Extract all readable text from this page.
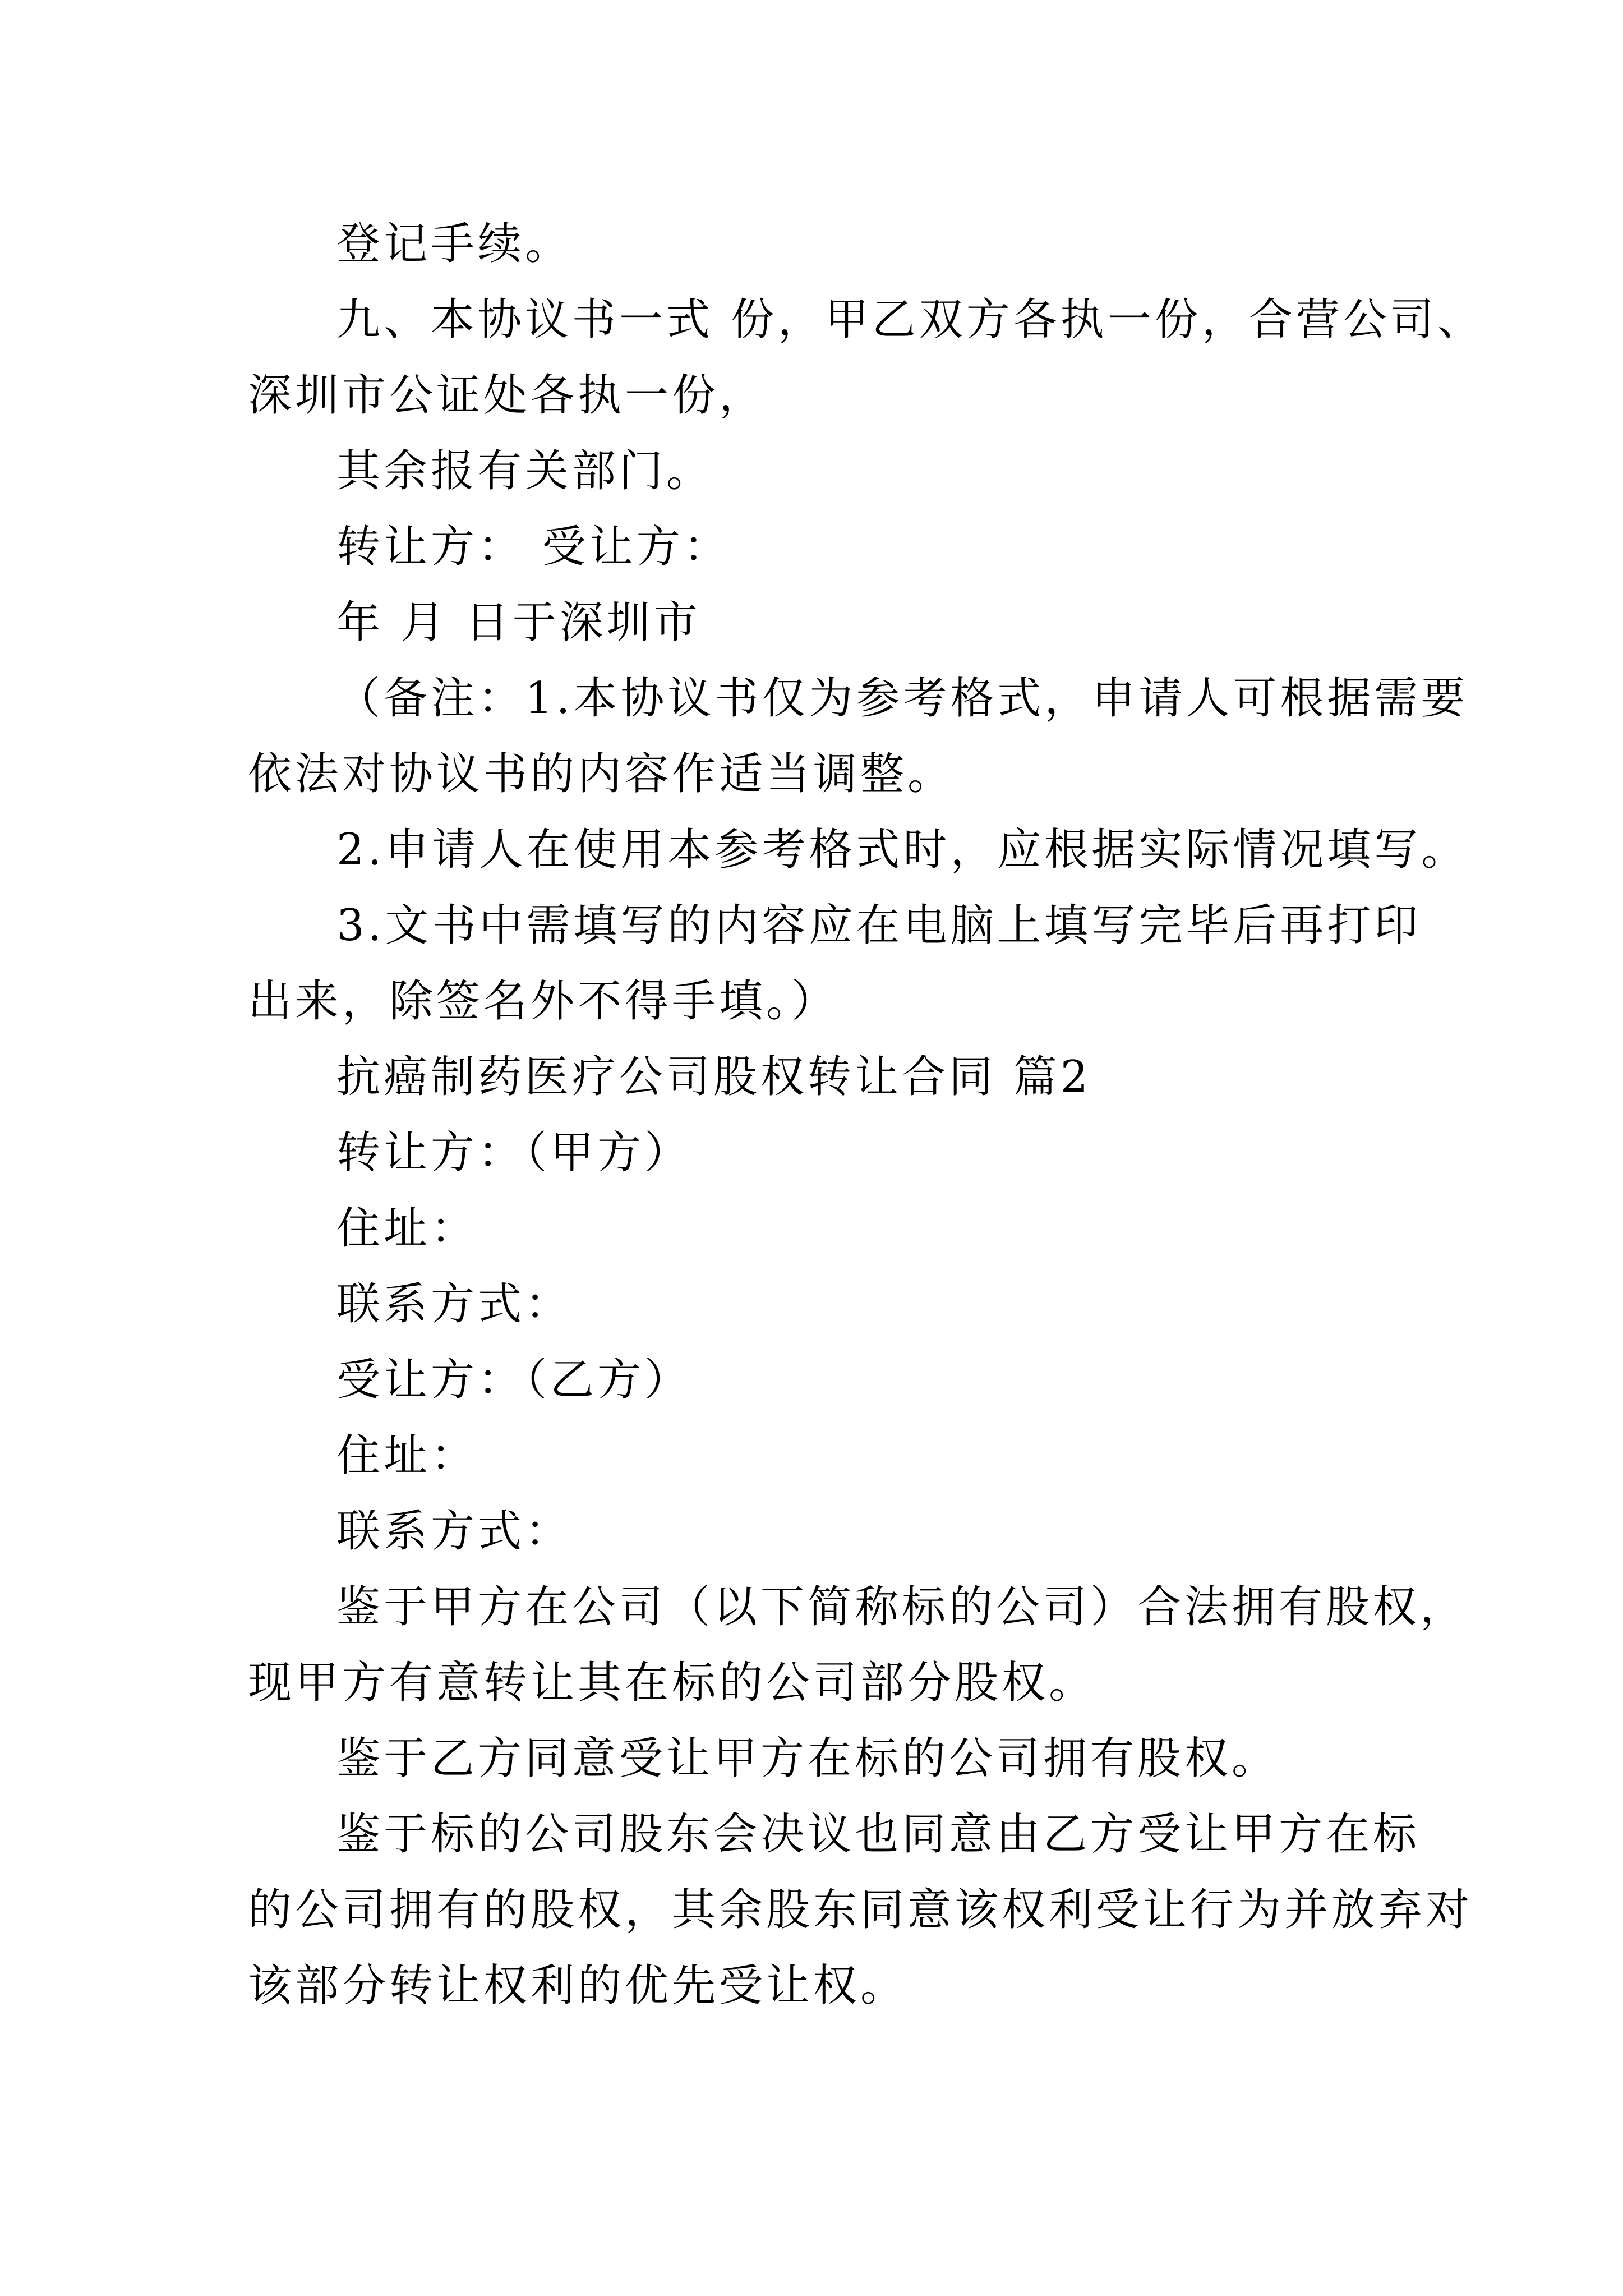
登记手续。
九、本协议书一式 份，甲乙双方各执一份，合营公司、
深圳市公证处各执一份，
其余报有关部门。
转让方： 受让方：
年 月 日于深圳市
（备注：1.本协议书仅为参考格式，申请人可根据需要
依法对协议书的内容作适当调整。
2.申请人在使用本参考格式时，应根据实际情况填写。
3.文书中需填写的内容应在电脑上填写完毕后再打印
出来，除签名外不得手填。）
抗癌制药医疗公司股权转让合同 篇2
转让方：（甲方）
住址：
联系方式：
受让方：（乙方）
住址：
联系方式：
鉴于甲方在公司（以下简称标的公司）合法拥有股权，
现甲方有意转让其在标的公司部分股权。
鉴于乙方同意受让甲方在标的公司拥有股权。
鉴于标的公司股东会决议也同意由乙方受让甲方在标
的公司拥有的股权，其余股东同意该权利受让行为并放弃对
该部分转让权利的优先受让权。
